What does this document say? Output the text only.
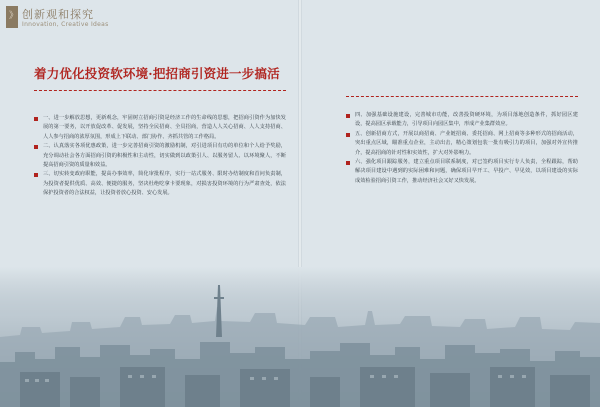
》 创新观和探究
Innovation, Creative Ideas
着力优化投资软环境·把招商引资进一步搞活

一、进一步解放思想，更新观念，牢固树立招商引资是经济工作的生命线的思想，把招商引资作为加快发展的第一要务，以开放促改革、促发展，坚持全民招商、全员招商，营造人人关心招商、人人支持招商、人人参与招商的浓厚氛围，形成上下联动、部门协作、齐抓共管的工作格局。

二、认真落实各项优惠政策，进一步完善招商引资的激励机制，对引进项目有功的单位和个人给予奖励，充分调动社会各方面招商引资的积极性和主动性，切实做到以政策引人、以服务留人、以环境聚人，不断提高招商引资的质量和效益。

三、切实转变政府职能，提高办事效率，简化审批程序，实行一站式服务、限时办结制度和首问负责制，为投资者提供优质、高效、便捷的服务，坚决杜绝吃拿卡要现象，对损害投资环境的行为严肃查处，依法保护投资者的合法权益，让投资者放心投资、安心发展。

四、加强基础设施建设，完善城市功能，改善投资硬环境，为项目落地创造条件，抓好园区建设，提高园区承载能力，引导项目向园区集中，形成产业集群效应。

五、创新招商方式，开展以商招商、产业链招商、委托招商、网上招商等多种形式的招商活动，突出重点区域，瞄准重点企业，主动出击，精心策划包装一批有吸引力的项目，加强对外宣传推介，提高招商的针对性和实效性，扩大对外影响力。

六、强化项目跟踪服务，建立重点项目联系制度，对已签约项目实行专人负责，全程跟踪，帮助解决项目建设中遇到的实际困难和问题，确保项目早开工、早投产、早见效，以项目建设的实际成效检验招商引资工作，推动经济社会又好又快发展。
